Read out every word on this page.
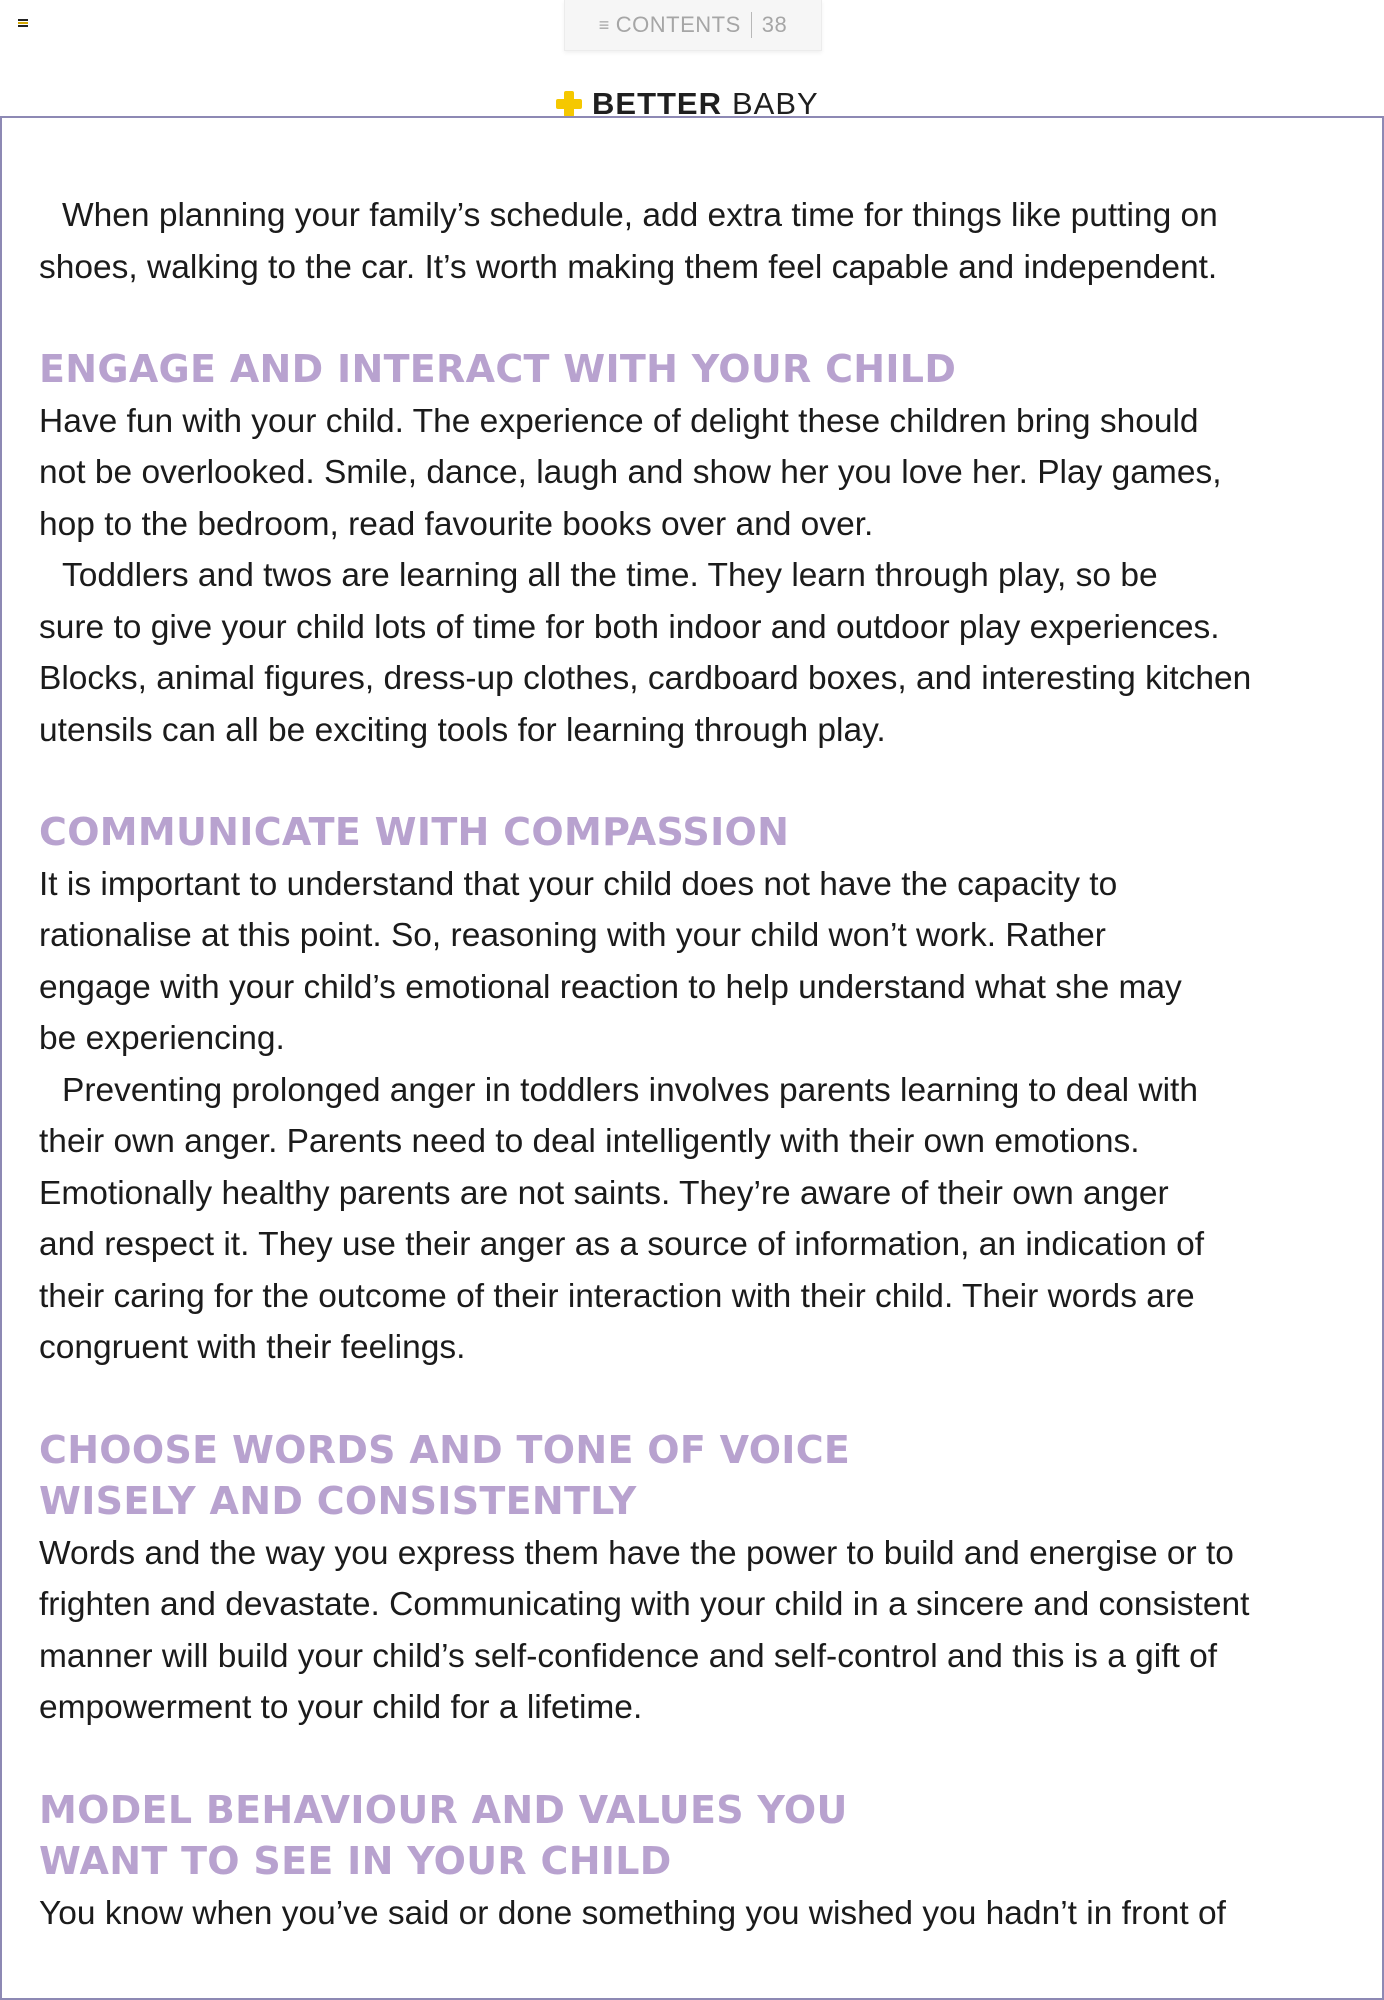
≡ CONTENTS 38
BETTER BABY

When planning your family’s schedule, add extra time for things like putting on

shoes, walking to the car. It’s worth making them feel capable and independent.

ENGAGE AND INTERACT WITH YOUR CHILD

Have fun with your child. The experience of delight these children bring should

not be overlooked. Smile, dance, laugh and show her you love her. Play games,

hop to the bedroom, read favourite books over and over.

Toddlers and twos are learning all the time. They learn through play, so be

sure to give your child lots of time for both indoor and outdoor play experiences.

Blocks, animal figures, dress-up clothes, cardboard boxes, and interesting kitchen

utensils can all be exciting tools for learning through play.

COMMUNICATE WITH COMPASSION

It is important to understand that your child does not have the capacity to

rationalise at this point. So, reasoning with your child won’t work. Rather

engage with your child’s emotional reaction to help understand what she may

be experiencing.

Preventing prolonged anger in toddlers involves parents learning to deal with

their own anger. Parents need to deal intelligently with their own emotions.

Emotionally healthy parents are not saints. They’re aware of their own anger

and respect it. They use their anger as a source of information, an indication of

their caring for the outcome of their interaction with their child. Their words are

congruent with their feelings.

CHOOSE WORDS AND TONE OF VOICE
WISELY AND CONSISTENTLY

Words and the way you express them have the power to build and energise or to

frighten and devastate. Communicating with your child in a sincere and consistent

manner will build your child’s self-confidence and self-control and this is a gift of

empowerment to your child for a lifetime.

MODEL BEHAVIOUR AND VALUES YOU
WANT TO SEE IN YOUR CHILD

You know when you’ve said or done something you wished you hadn’t in front of
